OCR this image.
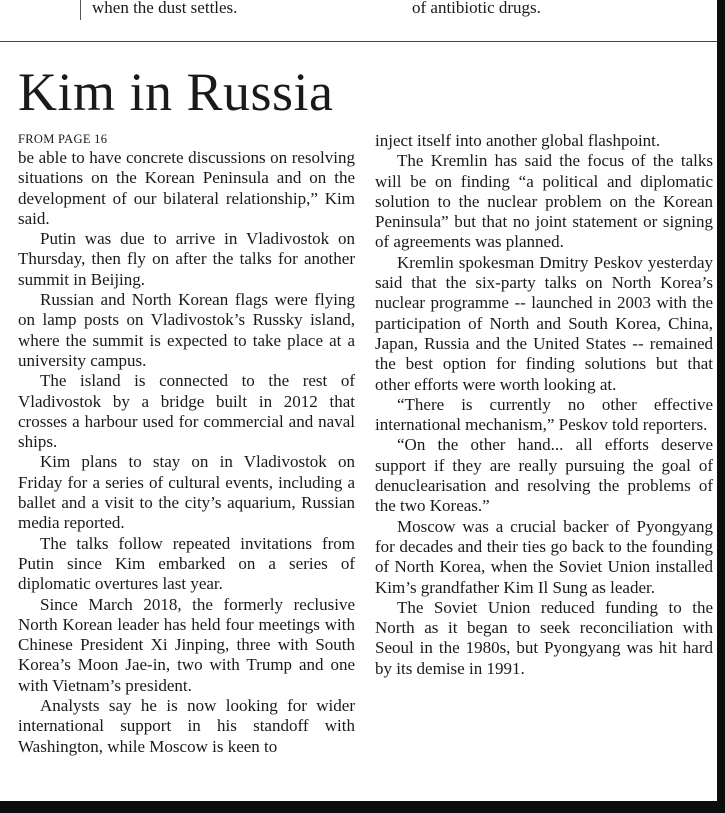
when the dust settles.	of antibiotic drugs.
Kim in Russia
FROM PAGE 16

be able to have concrete discussions on resolving situations on the Korean Peninsula and on the development of our bilateral relationship,” Kim said.

Putin was due to arrive in Vladivostok on Thursday, then fly on after the talks for another summit in Beijing.

Russian and North Korean flags were flying on lamp posts on Vladivostok’s Russky island, where the summit is expected to take place at a university campus.

The island is connected to the rest of Vladivostok by a bridge built in 2012 that crosses a harbour used for commercial and naval ships.

Kim plans to stay on in Vladivostok on Friday for a series of cultural events, including a ballet and a visit to the city’s aquarium, Russian media reported.

The talks follow repeated invitations from Putin since Kim embarked on a series of diplomatic overtures last year.

Since March 2018, the formerly reclusive North Korean leader has held four meetings with Chinese President Xi Jinping, three with South Korea’s Moon Jae-in, two with Trump and one with Vietnam’s president.

Analysts say he is now looking for wider international support in his standoff with Washington, while Moscow is keen to

inject itself into another global flashpoint.

The Kremlin has said the focus of the talks will be on finding “a political and diplomatic solution to the nuclear problem on the Korean Peninsula” but that no joint statement or signing of agreements was planned.

Kremlin spokesman Dmitry Peskov yesterday said that the six-party talks on North Korea’s nuclear programme -- launched in 2003 with the participation of North and South Korea, China, Japan, Russia and the United States -- remained the best option for finding solutions but that other efforts were worth looking at.

“There is currently no other effective international mechanism,” Peskov told reporters.

“On the other hand... all efforts deserve support if they are really pursuing the goal of denuclearisation and resolving the problems of the two Koreas.”

Moscow was a crucial backer of Pyongyang for decades and their ties go back to the founding of North Korea, when the Soviet Union installed Kim’s grandfather Kim Il Sung as leader.

The Soviet Union reduced funding to the North as it began to seek reconciliation with Seoul in the 1980s, but Pyongyang was hit hard by its demise in 1991.
